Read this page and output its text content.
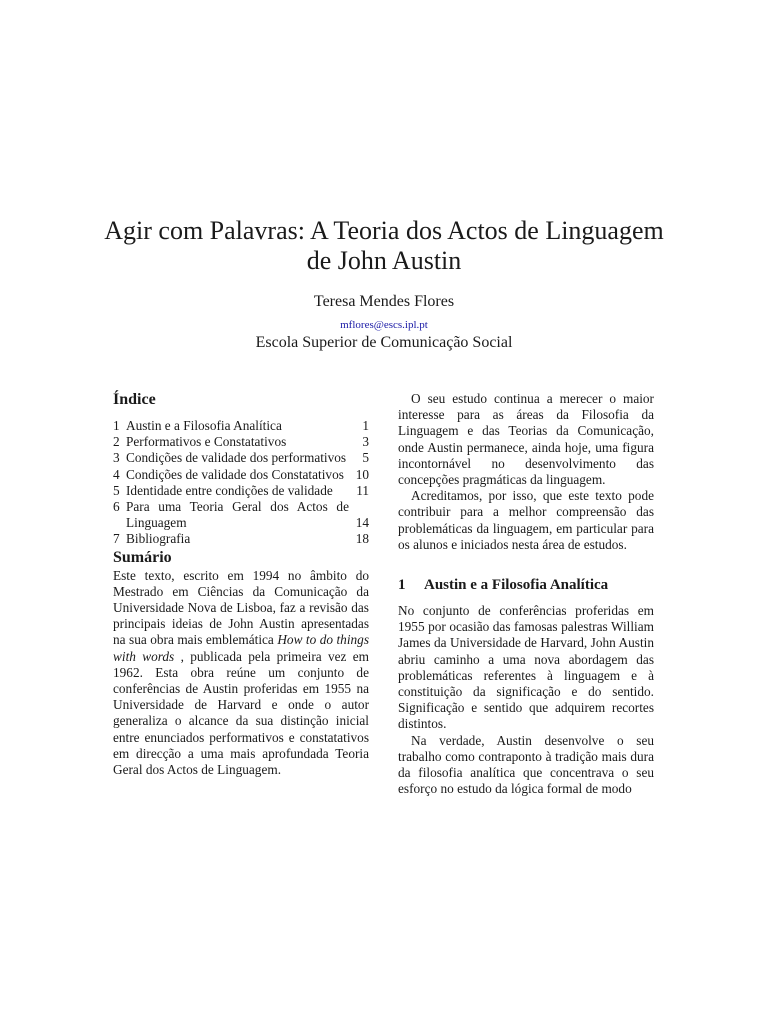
Agir com Palavras: A Teoria dos Actos de Linguagem
de John Austin
Teresa Mendes Flores
mflores@escs.ipl.pt
Escola Superior de Comunicação Social
Índice
1 Austin e a Filosofia Analítica	1
2 Performativos e Constatativos	3
3 Condições de validade dos performativos	5
4 Condições de validade dos Constatativos 10
5 Identidade entre condições de validade	11
6 Para uma Teoria Geral dos Actos de Linguagem	14
7 Bibliografia	18
Sumário

Este texto, escrito em 1994 no âmbito do Mestrado em Ciências da Comunicação da Universidade Nova de Lisboa, faz a revisão das principais ideias de John Austin apresentadas na sua obra mais emblemática How to do things with words , publicada pela primeira vez em 1962. Esta obra reúne um conjunto de conferências de Austin proferidas em 1955 na Universidade de Harvard e onde o autor generaliza o alcance da sua distinção inicial entre enunciados performativos e constatativos em direcção a uma mais aprofundada Teoria Geral dos Actos de Linguagem.

O seu estudo continua a merecer o maior interesse para as áreas da Filosofia da Linguagem e das Teorias da Comunicação, onde Austin permanece, ainda hoje, uma figura incontornável no desenvolvimento das concepções pragmáticas da linguagem.

Acreditamos, por isso, que este texto pode contribuir para a melhor compreensão das problemáticas da linguagem, em particular para os alunos e iniciados nesta área de estudos.

1 Austin e a Filosofia Analítica

No conjunto de conferências proferidas em 1955 por ocasião das famosas palestras William James da Universidade de Harvard, John Austin abriu caminho a uma nova abordagem das problemáticas referentes à linguagem e à constituição da significação e do sentido. Significação e sentido que adquirem recortes distintos.

Na verdade, Austin desenvolve o seu trabalho como contraponto à tradição mais dura da filosofia analítica que concentrava o seu esforço no estudo da lógica formal de modo
